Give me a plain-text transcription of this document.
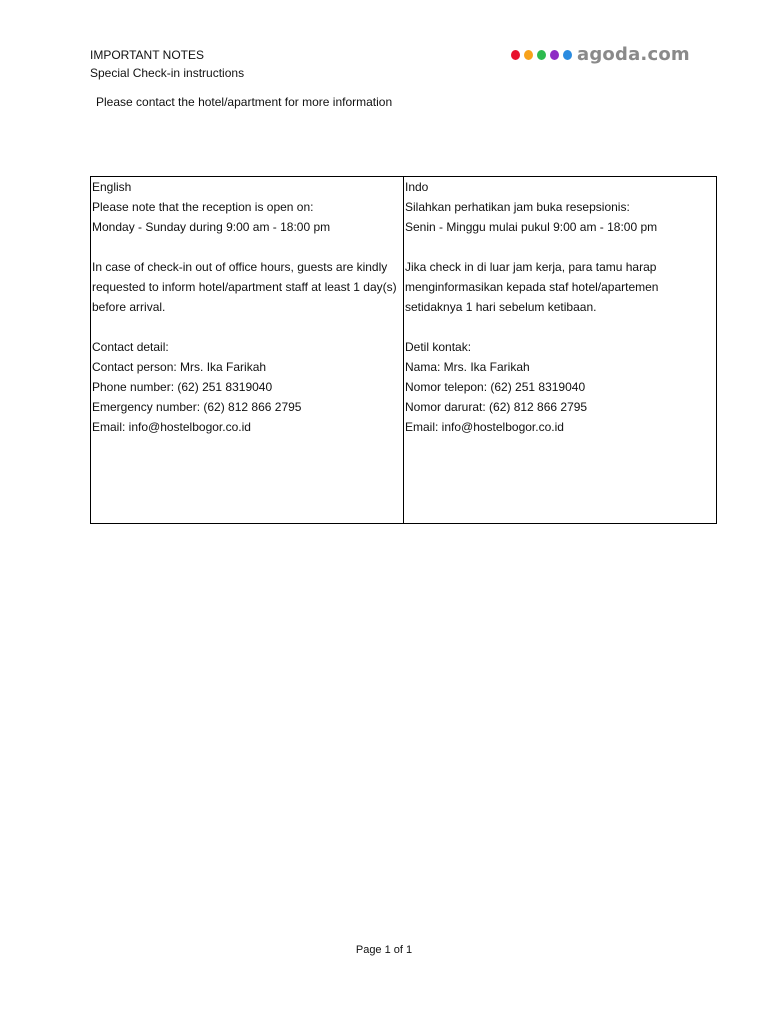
IMPORTANT NOTES
Special Check-in instructions
agoda.com
Please contact the hotel/apartment for more information
English
Please note that the reception is open on:
Monday - Sunday during 9:00 am - 18:00 pm
In case of check-in out of office hours, guests are kindly requested to inform hotel/apartment staff at least 1 day(s) before arrival.
Contact detail:
Contact person: Mrs. Ika Farikah
Phone number: (62) 251 8319040
Emergency number: (62) 812 866 2795
Email: info@hostelbogor.co.id
Indo
Silahkan perhatikan jam buka resepsionis:
Senin - Minggu mulai pukul 9:00 am - 18:00 pm
Jika check in di luar jam kerja, para tamu harap menginformasikan kepada staf hotel/apartemen setidaknya 1 hari sebelum ketibaan.
Detil kontak:
Nama: Mrs. Ika Farikah
Nomor telepon: (62) 251 8319040
Nomor darurat: (62) 812 866 2795
Email: info@hostelbogor.co.id
Page 1 of 1
